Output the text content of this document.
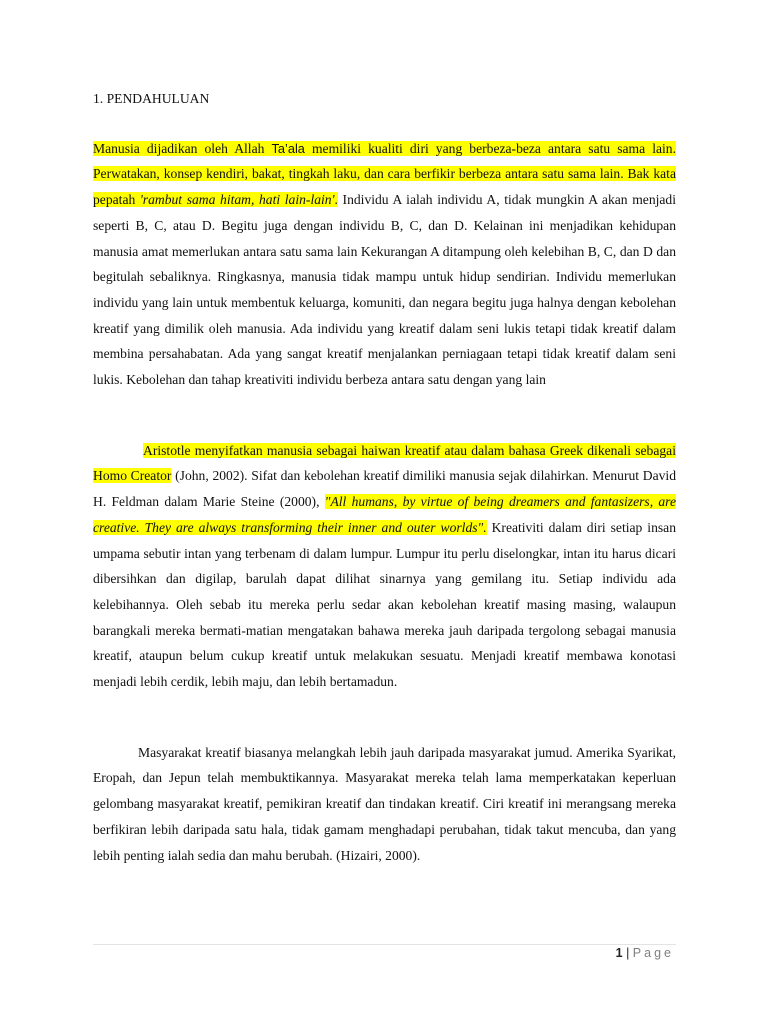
1. PENDAHULUAN

Manusia dijadikan oleh Allah Ta’ala memiliki kualiti diri yang berbeza-beza antara satu sama lain. Perwatakan, konsep kendiri, bakat, tingkah laku, dan cara berfikir berbeza antara satu sama lain. Bak kata pepatah 'rambut sama hitam, hati lain-lain'. Individu A ialah individu A, tidak mungkin A akan menjadi seperti B, C, atau D. Begitu juga dengan individu B, C, dan D. Kelainan ini menjadikan kehidupan manusia amat memerlukan antara satu sama lain Kekurangan A ditampung oleh kelebihan B, C, dan D dan begitulah sebaliknya. Ringkasnya, manusia tidak mampu untuk hidup sendirian. Individu memerlukan individu yang lain untuk membentuk keluarga, komuniti, dan negara begitu juga halnya dengan kebolehan kreatif yang dimilik oleh manusia. Ada individu yang kreatif dalam seni lukis tetapi tidak kreatif dalam membina persahabatan. Ada yang sangat kreatif menjalankan perniagaan tetapi tidak kreatif dalam seni lukis. Kebolehan dan tahap kreativiti individu berbeza antara satu dengan yang lain

Aristotle menyifatkan manusia sebagai haiwan kreatif atau dalam bahasa Greek dikenali sebagai Homo Creator (John, 2002). Sifat dan kebolehan kreatif dimiliki manusia sejak dilahirkan. Menurut David H. Feldman dalam Marie Steine (2000), "All humans, by virtue of being dreamers and fantasizers, are creative. They are always transforming their inner and outer worlds". Kreativiti dalam diri setiap insan umpama sebutir intan yang terbenam di dalam lumpur. Lumpur itu perlu diselongkar, intan itu harus dicari dibersihkan dan digilap, barulah dapat dilihat sinarnya yang gemilang itu. Setiap individu ada kelebihannya. Oleh sebab itu mereka perlu sedar akan kebolehan kreatif masing masing, walaupun barangkali mereka bermati-matian mengatakan bahawa mereka jauh daripada tergolong sebagai manusia kreatif, ataupun belum cukup kreatif untuk melakukan sesuatu. Menjadi kreatif membawa konotasi menjadi lebih cerdik, lebih maju, dan lebih bertamadun.

Masyarakat kreatif biasanya melangkah lebih jauh daripada masyarakat jumud. Amerika Syarikat, Eropah, dan Jepun telah membuktikannya. Masyarakat mereka telah lama memperkatakan keperluan gelombang masyarakat kreatif, pemikiran kreatif dan tindakan kreatif. Ciri kreatif ini merangsang mereka berfikiran lebih daripada satu hala, tidak gamam menghadapi perubahan, tidak takut mencuba, dan yang lebih penting ialah sedia dan mahu berubah. (Hizairi, 2000).

1 | Page
